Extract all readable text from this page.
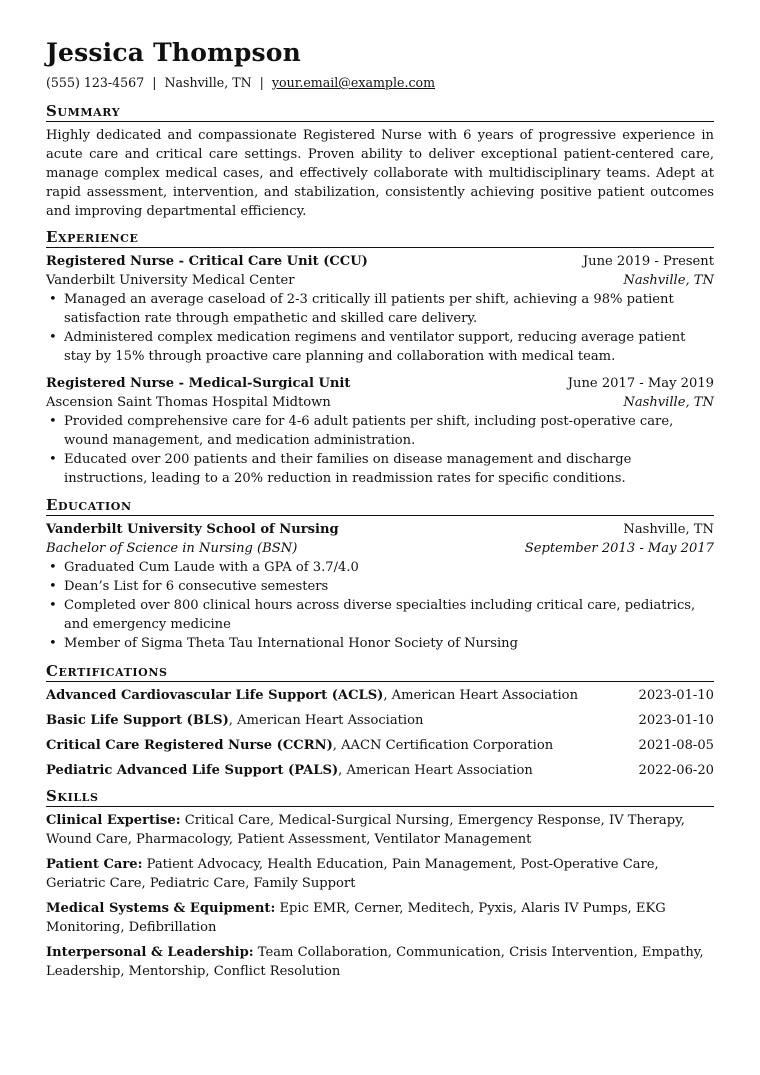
Jessica Thompson
(555) 123-4567 | Nashville, TN | your.email@example.com
Summary

Highly dedicated and compassionate Registered Nurse with 6 years of progressive experience in acute care and critical care settings. Proven ability to deliver exceptional patient-centered care, manage complex medical cases, and effectively collaborate with multidisciplinary teams. Adept at rapid assessment, intervention, and stabilization, consistently achieving positive patient outcomes and improving departmental efficiency.

Experience
Registered Nurse - Critical Care Unit (CCU)	June 2019 - Present
Vanderbilt University Medical Center	Nashville, TN
• Managed an average caseload of 2-3 critically ill patients per shift, achieving a 98% patient satisfaction rate through empathetic and skilled care delivery.
• Administered complex medication regimens and ventilator support, reducing average patient stay by 15% through proactive care planning and collaboration with medical team.
Registered Nurse - Medical-Surgical Unit	June 2017 - May 2019
Ascension Saint Thomas Hospital Midtown	Nashville, TN
• Provided comprehensive care for 4-6 adult patients per shift, including post-operative care, wound management, and medication administration.
• Educated over 200 patients and their families on disease management and discharge instructions, leading to a 20% reduction in readmission rates for specific conditions.
Education
Vanderbilt University School of Nursing	Nashville, TN
Bachelor of Science in Nursing (BSN)	September 2013 - May 2017
• Graduated Cum Laude with a GPA of 3.7/4.0
• Dean’s List for 6 consecutive semesters
• Completed over 800 clinical hours across diverse specialties including critical care, pediatrics, and emergency medicine
• Member of Sigma Theta Tau International Honor Society of Nursing
Certifications
Advanced Cardiovascular Life Support (ACLS), American Heart Association	2023-01-10
Basic Life Support (BLS), American Heart Association	2023-01-10
Critical Care Registered Nurse (CCRN), AACN Certification Corporation	2021-08-05
Pediatric Advanced Life Support (PALS), American Heart Association	2022-06-20
Skills

Clinical Expertise: Critical Care, Medical-Surgical Nursing, Emergency Response, IV Therapy, Wound Care, Pharmacology, Patient Assessment, Ventilator Management

Patient Care: Patient Advocacy, Health Education, Pain Management, Post-Operative Care, Geriatric Care, Pediatric Care, Family Support

Medical Systems & Equipment: Epic EMR, Cerner, Meditech, Pyxis, Alaris IV Pumps, EKG Monitoring, Defibrillation

Interpersonal & Leadership: Team Collaboration, Communication, Crisis Intervention, Empathy, Leadership, Mentorship, Conflict Resolution
